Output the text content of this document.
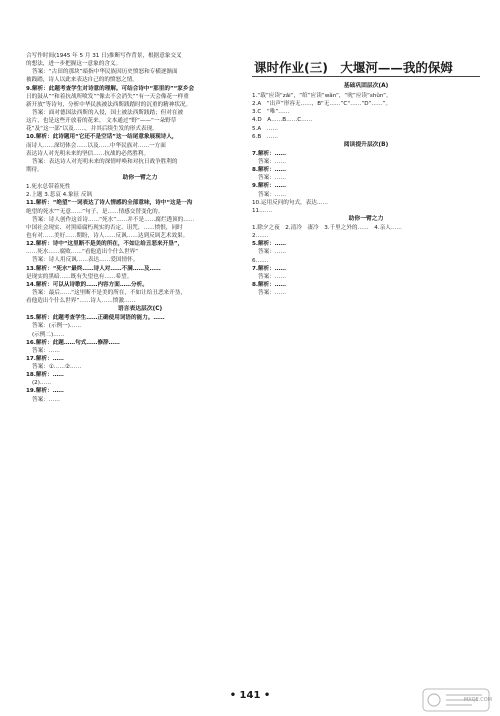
合写作时间(1945 年 5 月 31 日)推断写作背景，根据意象交叉
的想法，进一步把握这一意象的含义。
答案：“古田的那块”暗指中华民族因历史愤怒和专横逐渐面
被践踏，诗人以此来表达自己的的愤怒之情。
9.解析：此题考查学生对诗意的理解。可结合诗中“那里的”“家乡会
日的鼓从”“和着抗战所喷发”“像去不会消失”“有一天会像花一样重
新开放”等诗句，分析中华民族被法西斯践踏时的沉重的精神状况。
答案：面对德国法西斯的入侵，国土被法西斯践踏；但对在被
这片，也是这些开放着的花来。 文本通过“野”——“一朵野草
花”及“这一部”以及……，并其后续生发的形式表现。
10.解析：此诗题用“它还不是空话”这一结尾意象展现诗人，
而诗人……深切体会……以及……中华民族对……一方面
表达诗人对光明未来的坚信……抗战的必然胜利。
答案：表达诗人对光明未来的深情呼唤和对抗日战争胜利的
期待。
助你一臂之力
1.死水总带着死性
2.上题 3.悲哀 4.象征 反讽
11.解析：“绝望”一词表达了诗人情感的全部意味，诗中“这是一沟
绝望的死水”“无意……”句子，是……情感交替变化的。
答案：诗人创作这首诗……“死水”……并不是……腐烂透顶的……
中国社会现实、对黑暗腐朽现实的否定、诅咒，……愤恨，同时
也有对……美好……期盼，诗人……反讽……达到反讽艺术效果。
12.解析：诗中“这里断不是美的所在，不如让给丑恶来开垦”，
……死水……腐败……“看他造出个什么世界”
答案：诗人用反讽……表达……爱国情怀。
13.解析：“死水”最终……诗人对……不满……及……
是现实的黑暗……既有失望也有……希望。
14.解析：可以从诗歌的……内容方面……分析。
答案：最后……“这里断不是美的所在，不如让给丑恶来开垦，
看他造出个什么世界”……诗人……愤激……
语言表达层次(C)
15.解析：此题考查学生……正确使用词语的能力。……
答案：(示例一)……
(示例二)……
16.解析：此题……句式……修辞……
答案：……
17.解析：……
答案：①……②……
18.解析：……
(2)……
19.解析：……
答案：……
课时作业(三)　大堰河——我的保姆
基础巩固层次(A)
1.“载”应读“zǎi”，“绾”应读“wǎn”，“吮”应读“shǔn”。
2.A　“出声”形容无……，B“无……”C“……”D“……”。
3.C　“唯”……
4.D　A……B……C……
5.A　……
6.B　……
阅读提升层次(B)
7.解析：……
答案：……
8.解析：……
答案：……
9.解析：……
答案：……
10.运用反问的句式，表达……
11.……
助你一臂之力
1.除夕之夜　2.清冷　凄冷　3.千里之外的……　4.亲人……
2.……
5.解析：……
答案：……
6.……
7.解析：……
答案：……
8.解析：……
答案：……
• 141 •	MXQE.COM
